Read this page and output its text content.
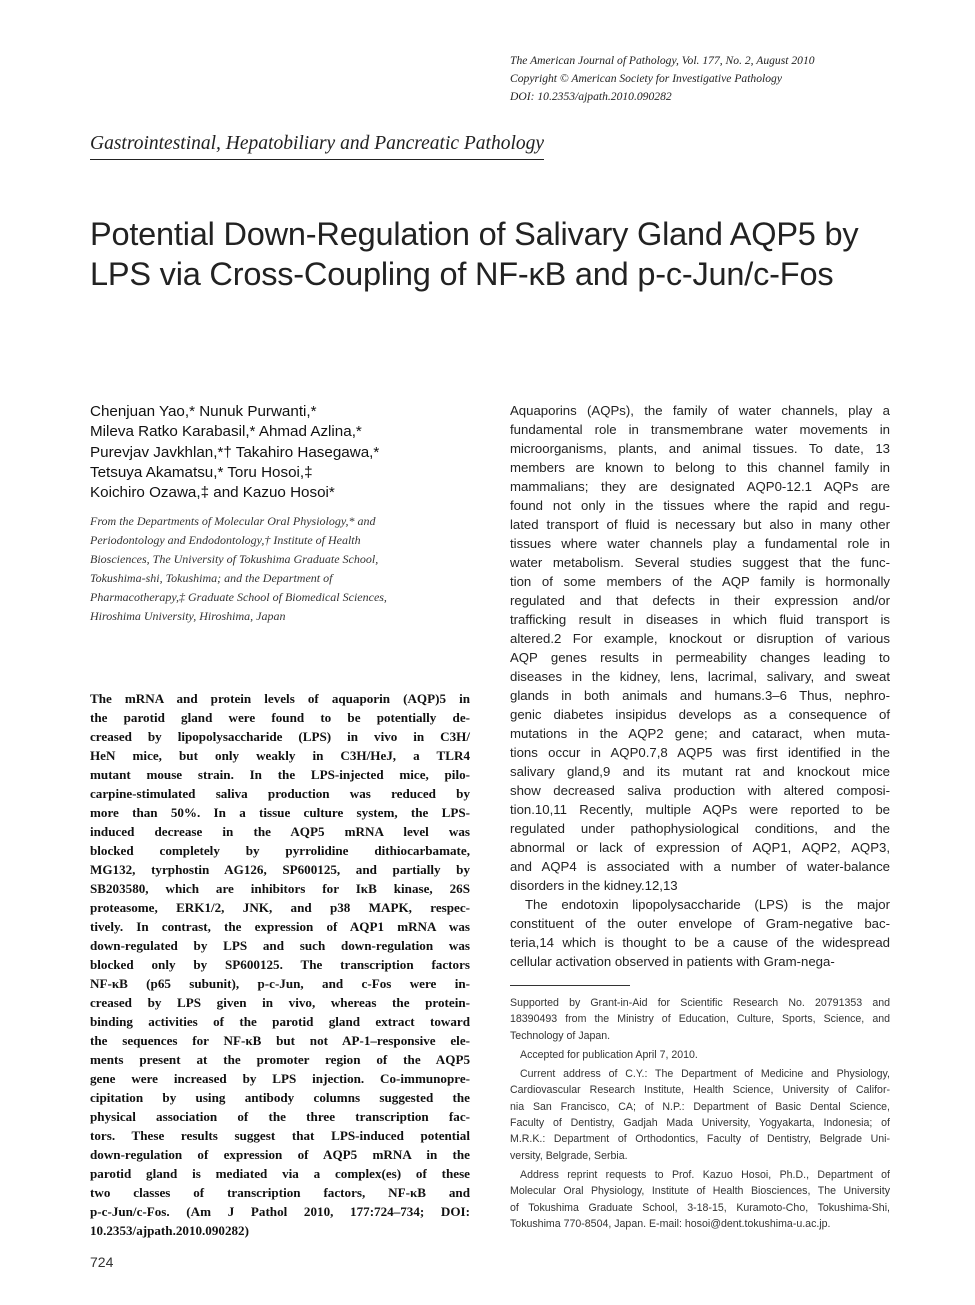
The American Journal of Pathology, Vol. 177, No. 2, August 2010
Copyright © American Society for Investigative Pathology
DOI: 10.2353/ajpath.2010.090282
Gastrointestinal, Hepatobiliary and Pancreatic Pathology
Potential Down-Regulation of Salivary Gland AQP5 by
LPS via Cross-Coupling of NF-κB and p-c-Jun/c-Fos
Chenjuan Yao,* Nunuk Purwanti,*
Mileva Ratko Karabasil,* Ahmad Azlina,*
Purevjav Javkhlan,*† Takahiro Hasegawa,*
Tetsuya Akamatsu,* Toru Hosoi,‡
Koichiro Ozawa,‡ and Kazuo Hosoi*
From the Departments of Molecular Oral Physiology,* and
Periodontology and Endodontology,† Institute of Health
Biosciences, The University of Tokushima Graduate School,
Tokushima-shi, Tokushima; and the Department of
Pharmacotherapy,‡ Graduate School of Biomedical Sciences,
Hiroshima University, Hiroshima, Japan
The mRNA and protein levels of aquaporin (AQP)5 in
the parotid gland were found to be potentially de-
creased by lipopolysaccharide (LPS) in vivo in C3H/
HeN mice, but only weakly in C3H/HeJ, a TLR4
mutant mouse strain. In the LPS-injected mice, pilo-
carpine-stimulated saliva production was reduced by
more than 50%. In a tissue culture system, the LPS-
induced decrease in the AQP5 mRNA level was
blocked completely by pyrrolidine dithiocarbamate,
MG132, tyrphostin AG126, SP600125, and partially by
SB203580, which are inhibitors for IκB kinase, 26S
proteasome, ERK1/2, JNK, and p38 MAPK, respec-
tively. In contrast, the expression of AQP1 mRNA was
down-regulated by LPS and such down-regulation was
blocked only by SP600125. The transcription factors
NF-κB (p65 subunit), p-c-Jun, and c-Fos were in-
creased by LPS given in vivo, whereas the protein-
binding activities of the parotid gland extract toward
the sequences for NF-κB but not AP-1–responsive ele-
ments present at the promoter region of the AQP5
gene were increased by LPS injection. Co-immunopre-
cipitation by using antibody columns suggested the
physical association of the three transcription fac-
tors. These results suggest that LPS-induced potential
down-regulation of expression of AQP5 mRNA in the
parotid gland is mediated via a complex(es) of these
two classes of transcription factors, NF-κB and
p-c-Jun/c-Fos. (Am J Pathol 2010, 177:724–734; DOI:
10.2353/ajpath.2010.090282)
Aquaporins (AQPs), the family of water channels, play a
fundamental role in transmembrane water movements in
microorganisms, plants, and animal tissues. To date, 13
members are known to belong to this channel family in
mammalians; they are designated AQP0-12.1 AQPs are
found not only in the tissues where the rapid and regu-
lated transport of fluid is necessary but also in many other
tissues where water channels play a fundamental role in
water metabolism. Several studies suggest that the func-
tion of some members of the AQP family is hormonally
regulated and that defects in their expression and/or
trafficking result in diseases in which fluid transport is
altered.2 For example, knockout or disruption of various
AQP genes results in permeability changes leading to
diseases in the kidney, lens, lacrimal, salivary, and sweat
glands in both animals and humans.3–6 Thus, nephro-
genic diabetes insipidus develops as a consequence of
mutations in the AQP2 gene; and cataract, when muta-
tions occur in AQP0.7,8 AQP5 was first identified in the
salivary gland,9 and its mutant rat and knockout mice
show decreased saliva production with altered composi-
tion.10,11 Recently, multiple AQPs were reported to be
regulated under pathophysiological conditions, and the
abnormal or lack of expression of AQP1, AQP2, AQP3,
and AQP4 is associated with a number of water-balance
disorders in the kidney.12,13
The endotoxin lipopolysaccharide (LPS) is the major
constituent of the outer envelope of Gram-negative bac-
teria,14 which is thought to be a cause of the widespread
cellular activation observed in patients with Gram-nega-
Supported by Grant-in-Aid for Scientific Research No. 20791353 and
18390493 from the Ministry of Education, Culture, Sports, Science, and
Technology of Japan.
Accepted for publication April 7, 2010.
Current address of C.Y.: The Department of Medicine and Physiology,
Cardiovascular Research Institute, Health Science, University of Califor-
nia San Francisco, CA; of N.P.: Department of Basic Dental Science,
Faculty of Dentistry, Gadjah Mada University, Yogyakarta, Indonesia; of
M.R.K.: Department of Orthodontics, Faculty of Dentistry, Belgrade Uni-
versity, Belgrade, Serbia.
Address reprint requests to Prof. Kazuo Hosoi, Ph.D., Department of
Molecular Oral Physiology, Institute of Health Biosciences, The University
of Tokushima Graduate School, 3-18-15, Kuramoto-Cho, Tokushima-Shi,
Tokushima 770-8504, Japan. E-mail: hosoi@dent.tokushima-u.ac.jp.
724
